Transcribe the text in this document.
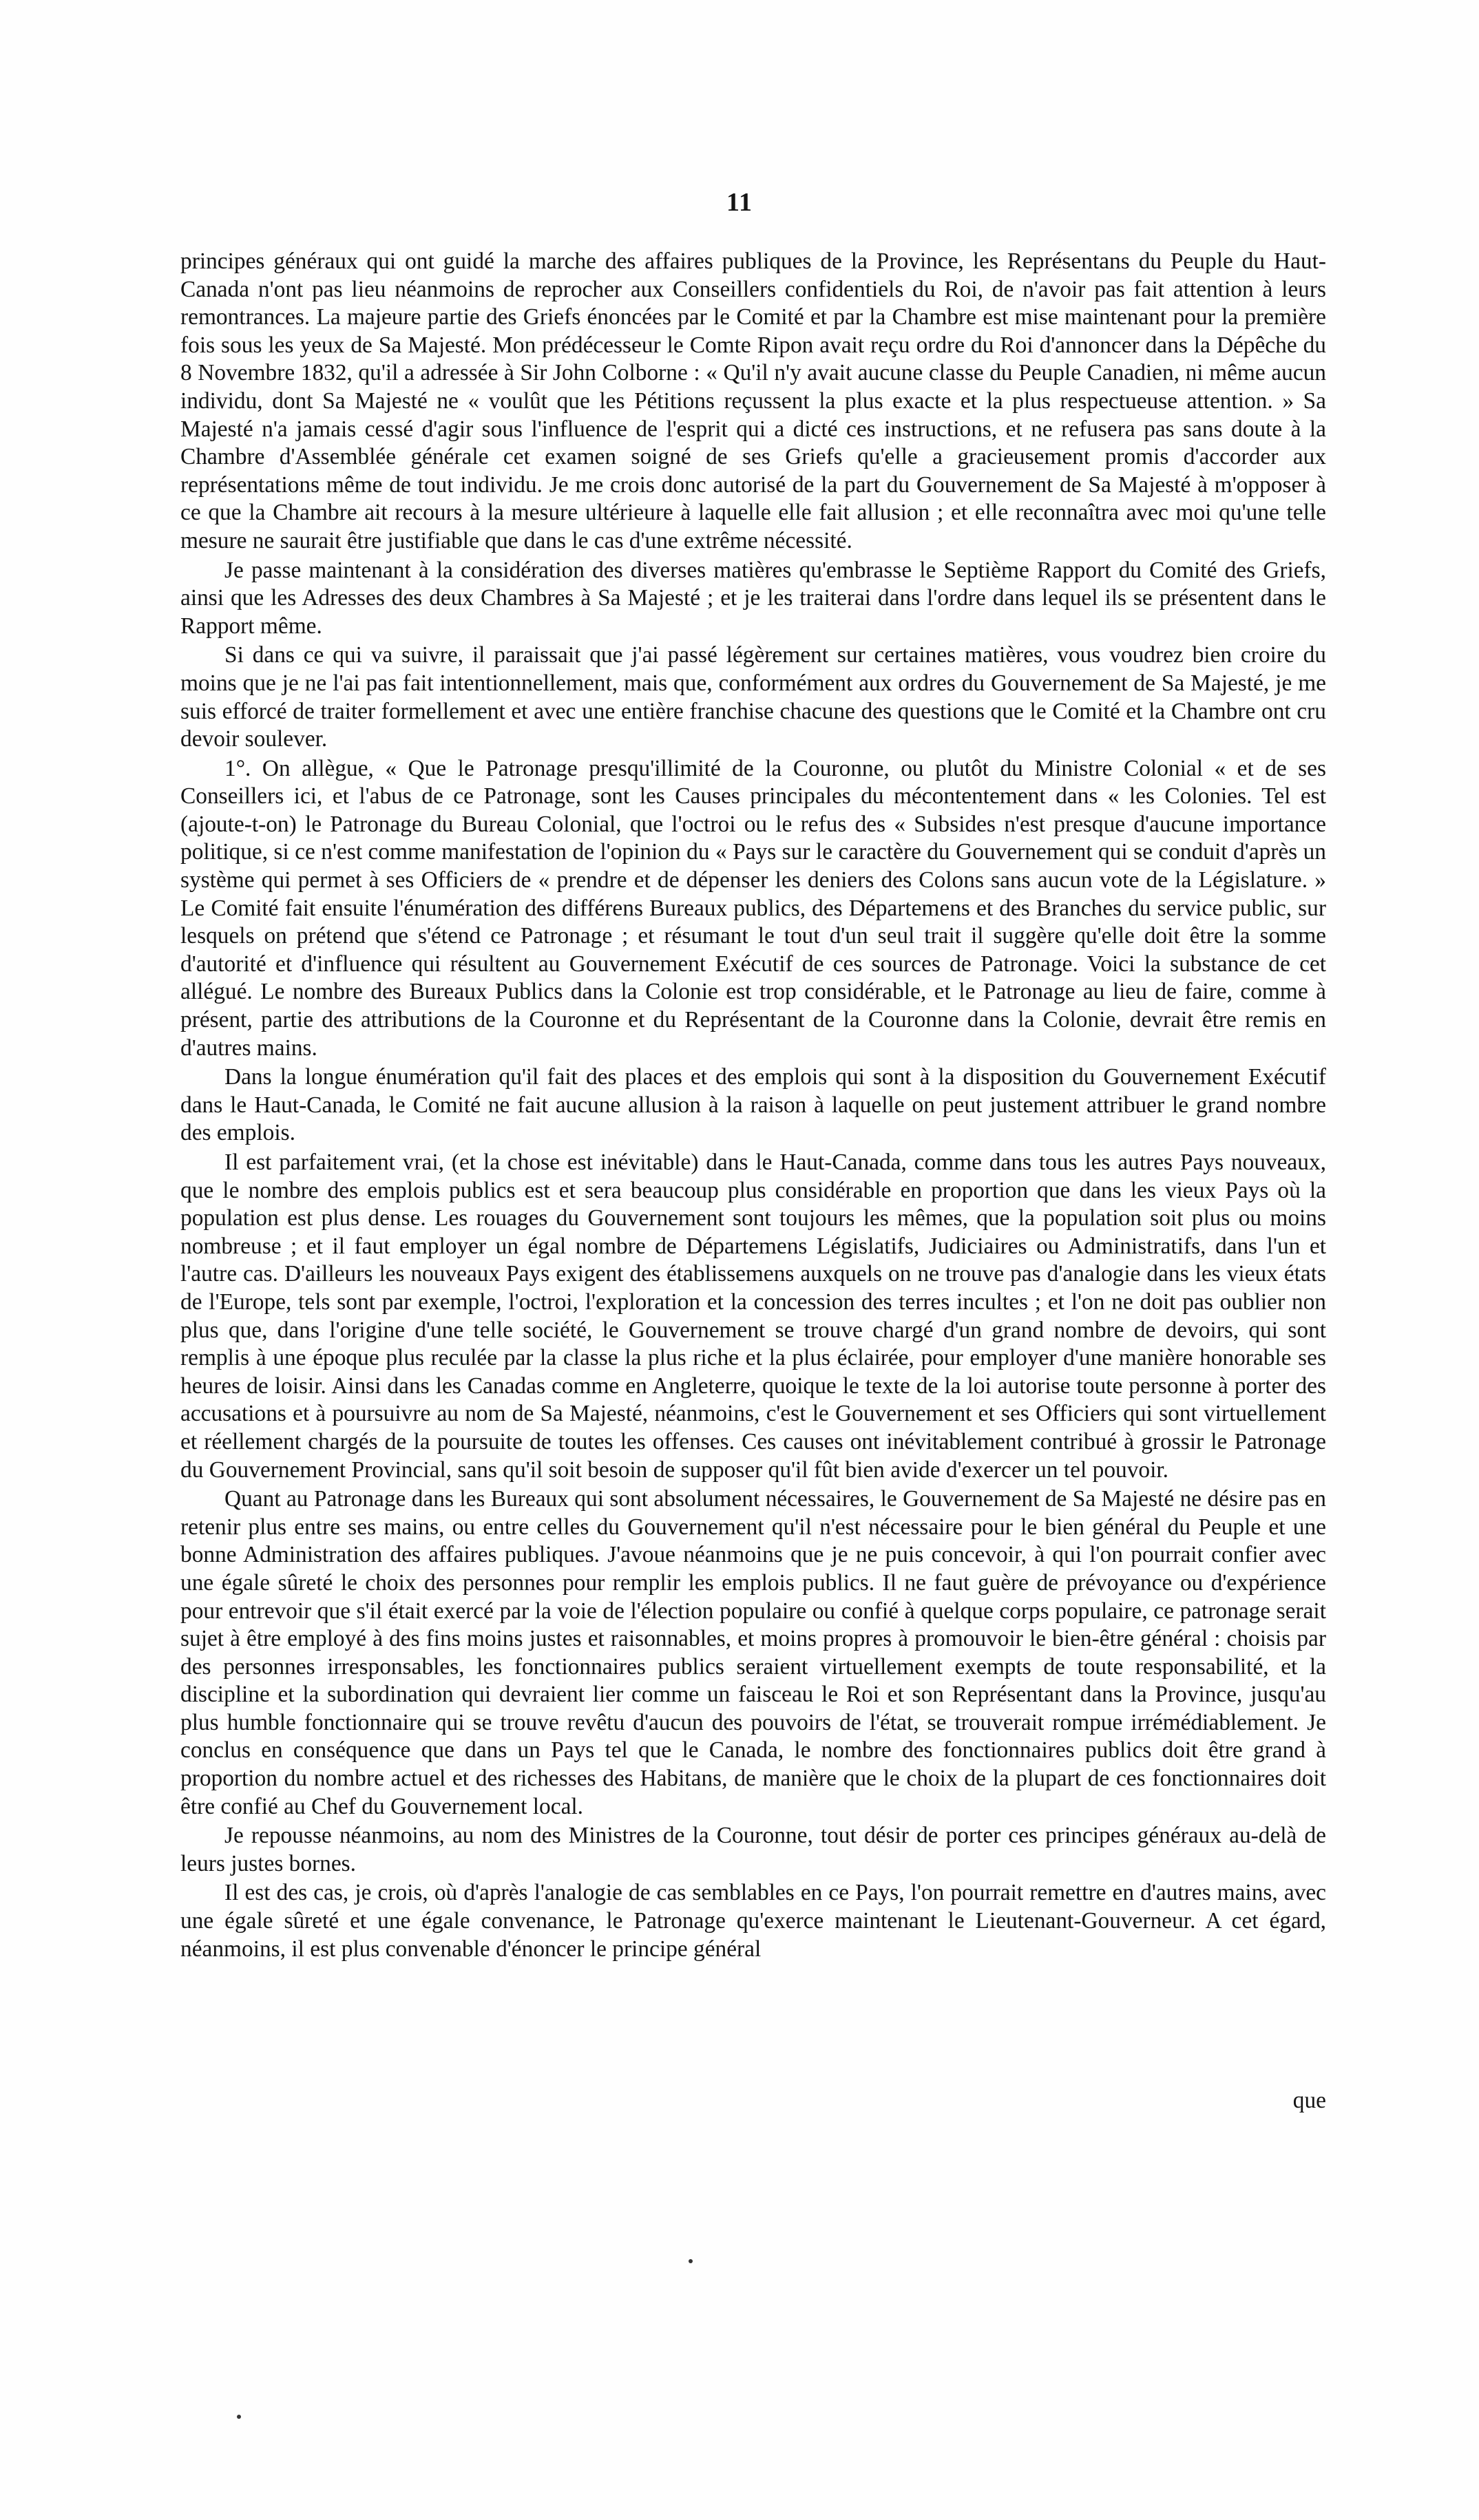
11

principes généraux qui ont guidé la marche des affaires publiques de la Province, les Représentans du Peuple du Haut-Canada n'ont pas lieu néanmoins de reprocher aux Conseillers confidentiels du Roi, de n'avoir pas fait attention à leurs remontrances. La majeure partie des Griefs énoncées par le Comité et par la Chambre est mise maintenant pour la première fois sous les yeux de Sa Majesté. Mon prédécesseur le Comte Ripon avait reçu ordre du Roi d'annoncer dans la Dépêche du 8 Novembre 1832, qu'il a adressée à Sir John Colborne : « Qu'il n'y avait aucune classe du Peuple Canadien, ni même aucun individu, dont Sa Majesté ne « voulût que les Pétitions reçussent la plus exacte et la plus respectueuse attention. » Sa Majesté n'a jamais cessé d'agir sous l'influence de l'esprit qui a dicté ces instructions, et ne refusera pas sans doute à la Chambre d'Assemblée générale cet examen soigné de ses Griefs qu'elle a gracieusement promis d'accorder aux représentations même de tout individu. Je me crois donc autorisé de la part du Gouvernement de Sa Majesté à m'opposer à ce que la Chambre ait recours à la mesure ultérieure à laquelle elle fait allusion ; et elle reconnaîtra avec moi qu'une telle mesure ne saurait être justifiable que dans le cas d'une extrême nécessité.

Je passe maintenant à la considération des diverses matières qu'embrasse le Septième Rapport du Comité des Griefs, ainsi que les Adresses des deux Chambres à Sa Majesté ; et je les traiterai dans l'ordre dans lequel ils se présentent dans le Rapport même.

Si dans ce qui va suivre, il paraissait que j'ai passé légèrement sur certaines matières, vous voudrez bien croire du moins que je ne l'ai pas fait intentionnellement, mais que, conformément aux ordres du Gouvernement de Sa Majesté, je me suis efforcé de traiter formellement et avec une entière franchise chacune des questions que le Comité et la Chambre ont cru devoir soulever.

1°. On allègue, « Que le Patronage presqu'illimité de la Couronne, ou plutôt du Ministre Colonial « et de ses Conseillers ici, et l'abus de ce Patronage, sont les Causes principales du mécontentement dans « les Colonies. Tel est (ajoute-t-on) le Patronage du Bureau Colonial, que l'octroi ou le refus des « Subsides n'est presque d'aucune importance politique, si ce n'est comme manifestation de l'opinion du « Pays sur le caractère du Gouvernement qui se conduit d'après un système qui permet à ses Officiers de « prendre et de dépenser les deniers des Colons sans aucun vote de la Législature. » Le Comité fait ensuite l'énumération des différens Bureaux publics, des Départemens et des Branches du service public, sur lesquels on prétend que s'étend ce Patronage ; et résumant le tout d'un seul trait il suggère qu'elle doit être la somme d'autorité et d'influence qui résultent au Gouvernement Exécutif de ces sources de Patronage. Voici la substance de cet allégué. Le nombre des Bureaux Publics dans la Colonie est trop considérable, et le Patronage au lieu de faire, comme à présent, partie des attributions de la Couronne et du Représentant de la Couronne dans la Colonie, devrait être remis en d'autres mains.

Dans la longue énumération qu'il fait des places et des emplois qui sont à la disposition du Gouvernement Exécutif dans le Haut-Canada, le Comité ne fait aucune allusion à la raison à laquelle on peut justement attribuer le grand nombre des emplois.

Il est parfaitement vrai, (et la chose est inévitable) dans le Haut-Canada, comme dans tous les autres Pays nouveaux, que le nombre des emplois publics est et sera beaucoup plus considérable en proportion que dans les vieux Pays où la population est plus dense. Les rouages du Gouvernement sont toujours les mêmes, que la population soit plus ou moins nombreuse ; et il faut employer un égal nombre de Départemens Législatifs, Judiciaires ou Administratifs, dans l'un et l'autre cas. D'ailleurs les nouveaux Pays exigent des établissemens auxquels on ne trouve pas d'analogie dans les vieux états de l'Europe, tels sont par exemple, l'octroi, l'exploration et la concession des terres incultes ; et l'on ne doit pas oublier non plus que, dans l'origine d'une telle société, le Gouvernement se trouve chargé d'un grand nombre de devoirs, qui sont remplis à une époque plus reculée par la classe la plus riche et la plus éclairée, pour employer d'une manière honorable ses heures de loisir. Ainsi dans les Canadas comme en Angleterre, quoique le texte de la loi autorise toute personne à porter des accusations et à poursuivre au nom de Sa Majesté, néanmoins, c'est le Gouvernement et ses Officiers qui sont virtuellement et réellement chargés de la poursuite de toutes les offenses. Ces causes ont inévitablement contribué à grossir le Patronage du Gouvernement Provincial, sans qu'il soit besoin de supposer qu'il fût bien avide d'exercer un tel pouvoir.

Quant au Patronage dans les Bureaux qui sont absolument nécessaires, le Gouvernement de Sa Majesté ne désire pas en retenir plus entre ses mains, ou entre celles du Gouvernement qu'il n'est nécessaire pour le bien général du Peuple et une bonne Administration des affaires publiques. J'avoue néanmoins que je ne puis concevoir, à qui l'on pourrait confier avec une égale sûreté le choix des personnes pour remplir les emplois publics. Il ne faut guère de prévoyance ou d'expérience pour entrevoir que s'il était exercé par la voie de l'élection populaire ou confié à quelque corps populaire, ce patronage serait sujet à être employé à des fins moins justes et raisonnables, et moins propres à promouvoir le bien-être général : choisis par des personnes irresponsables, les fonctionnaires publics seraient virtuellement exempts de toute responsabilité, et la discipline et la subordination qui devraient lier comme un faisceau le Roi et son Représentant dans la Province, jusqu'au plus humble fonctionnaire qui se trouve revêtu d'aucun des pouvoirs de l'état, se trouverait rompue irrémédiablement. Je conclus en conséquence que dans un Pays tel que le Canada, le nombre des fonctionnaires publics doit être grand à proportion du nombre actuel et des richesses des Habitans, de manière que le choix de la plupart de ces fonctionnaires doit être confié au Chef du Gouvernement local.

Je repousse néanmoins, au nom des Ministres de la Couronne, tout désir de porter ces principes généraux au-delà de leurs justes bornes.

Il est des cas, je crois, où d'après l'analogie de cas semblables en ce Pays, l'on pourrait remettre en d'autres mains, avec une égale sûreté et une égale convenance, le Patronage qu'exerce maintenant le Lieutenant-Gouverneur. A cet égard, néanmoins, il est plus convenable d'énoncer le principe général

que
